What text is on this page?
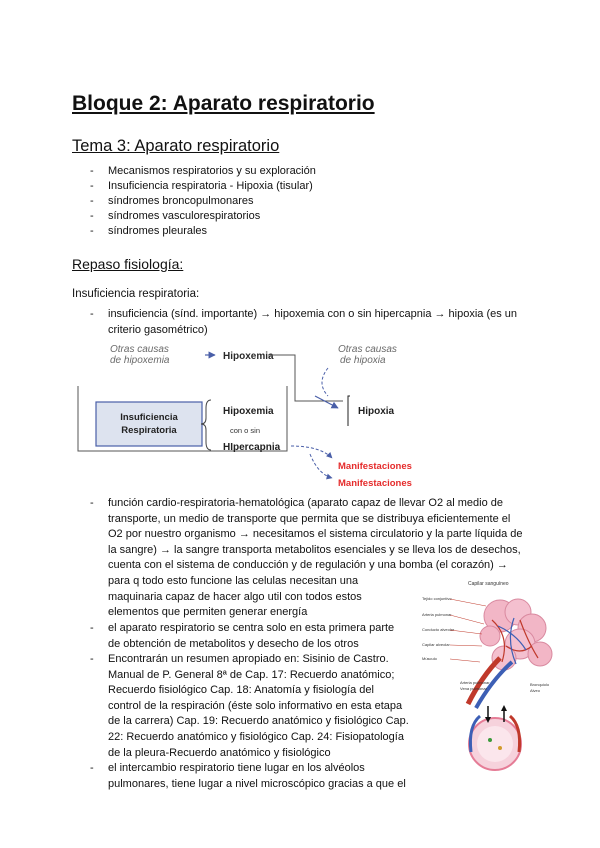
Bloque 2: Aparato respiratorio
Tema 3: Aparato respiratorio
- Mecanismos respiratorios y su exploración
- Insuficiencia respiratoria - Hipoxia (tisular)
- síndromes broncopulmonares
- síndromes vasculorespiratorios
- síndromes pleurales
Repaso fisiología:
Insuficiencia respiratoria:
- insuficiencia (sínd. importante) → hipoxemia con o sin hipercapnia → hipoxia (es un
criterio gasométrico)
Otras causas
de hipoxemia	Hipoxemia
Otras causas
de hipoxia
Hipoxia
Insuficiencia
Respiratoria
Hipoxemia
con o sin
HIpercapnia
Manifestaciones
Manifestaciones
- función cardio-respiratoria-hematológica (aparato capaz de llevar O2 al medio de
transporte, un medio de transporte que permita que se distribuya eficientemente el
O2 por nuestro organismo → necesitamos el sistema circulatorio y la parte líquida de
la sangre) → la sangre transporta metabolitos esenciales y se lleva los de desechos,
cuenta con el sistema de conducción y de regulación y una bomba (el corazón) →
para q todo esto funcione las celulas necesitan una
maquinaria capaz de hacer algo util con todos estos
elementos que permiten generar energía
- el aparato respiratorio se centra solo en esta primera parte
de obtención de metabolitos y desecho de los otros
- Encontrarán un resumen apropiado en: Sisinio de Castro.
Manual de P. General 8ª de Cap. 17: Recuerdo anatómico;
Recuerdo fisiológico Cap. 18: Anatomía y fisiología del
control de la respiración (éste solo informativo en esta etapa
de la carrera) Cap. 19: Recuerdo anatómico y fisiológico Cap.
22: Recuerdo anatómico y fisiológico Cap. 24: Fisiopatología
de la pleura-Recuerdo anatómico y fisiológico
- el intercambio respiratorio tiene lugar en los alvéolos
pulmonares, tiene lugar a nivel microscópico gracias a que el
Capilar sanguíneo
Tejido conjuntivo
Arteria pulmonar
Conducto alveolar
Capilar alveolar
Músculo
Arteria pulmonar
Vena pulmonar
Bronquiolo
Alveo
